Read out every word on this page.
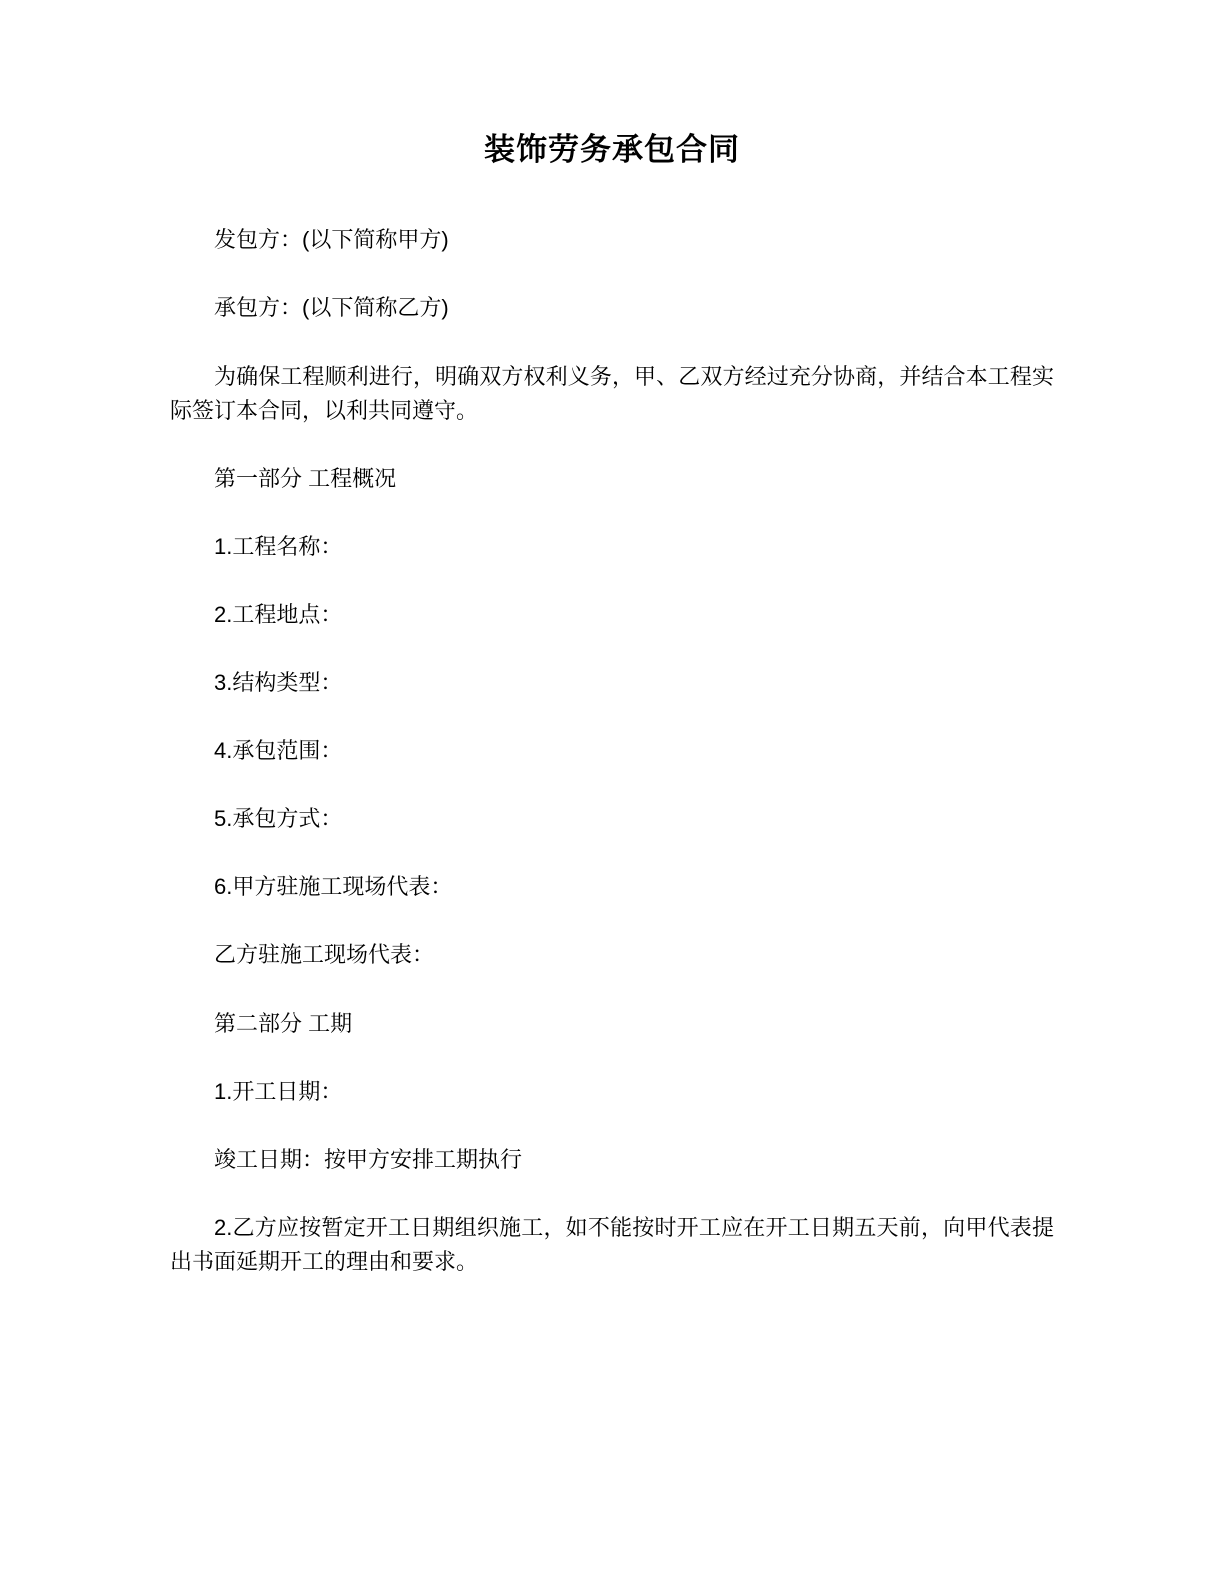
装饰劳务承包合同

发包方：(以下简称甲方)

承包方：(以下简称乙方)

为确保工程顺利进行，明确双方权利义务，甲、乙双方经过充分协商，并结合本工程实际签订本合同，以利共同遵守。

第一部分 工程概况

1.工程名称：

2.工程地点：

3.结构类型：

4.承包范围：

5.承包方式：

6.甲方驻施工现场代表：

乙方驻施工现场代表：

第二部分 工期

1.开工日期：

竣工日期：按甲方安排工期执行

2.乙方应按暂定开工日期组织施工，如不能按时开工应在开工日期五天前，向甲代表提出书面延期开工的理由和要求。
